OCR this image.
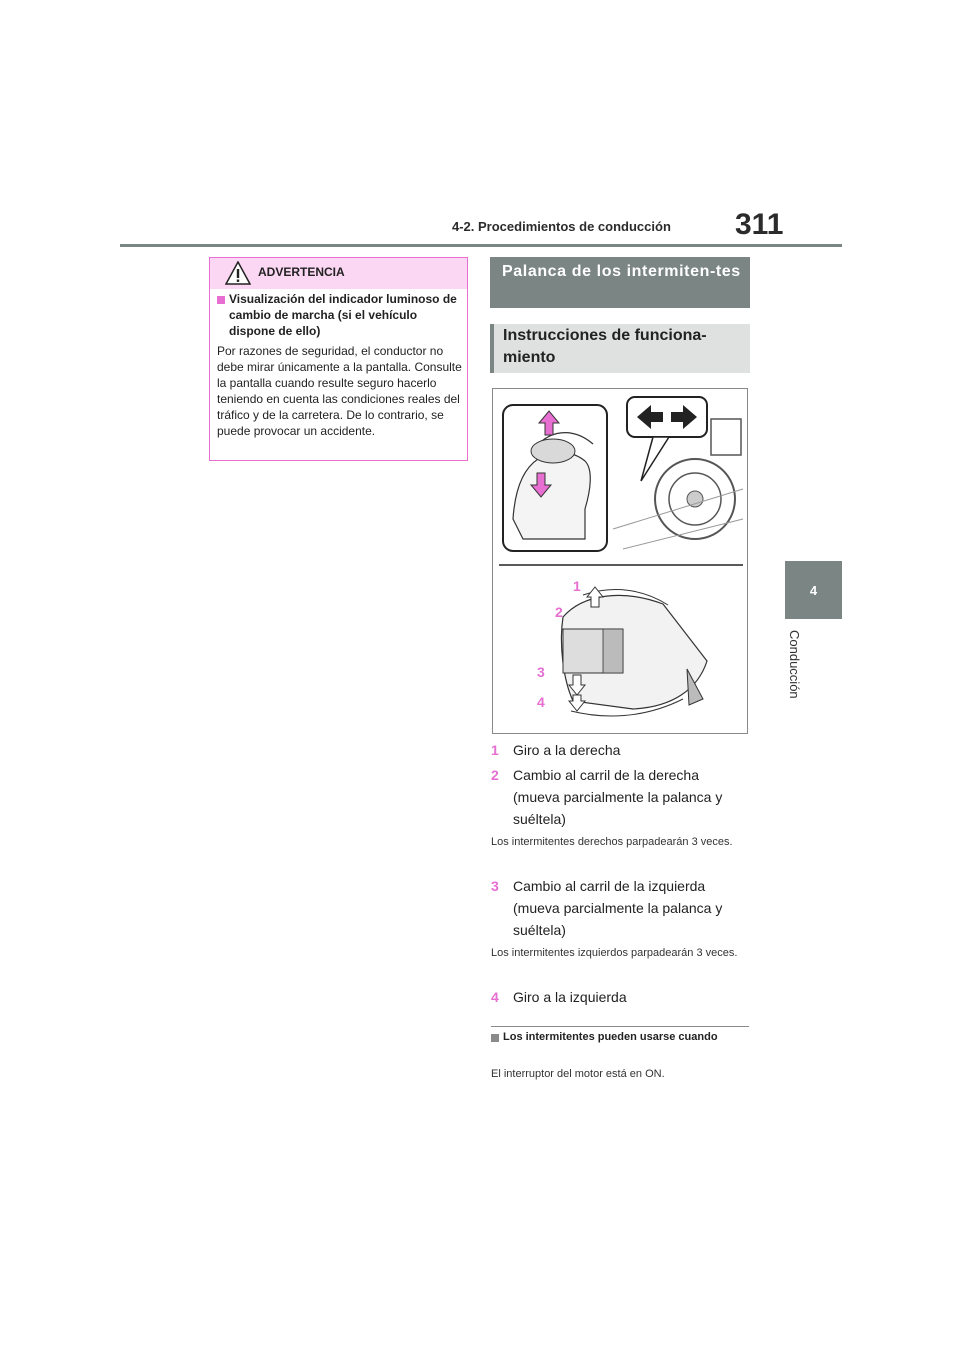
4-2. Procedimientos de conducción 311
4
Conducción
ADVERTENCIA
Visualización del indicador luminoso de cambio de marcha (si el vehículo dispone de ello)
Por razones de seguridad, el conductor no debe mirar únicamente a la pantalla. Consulte la pantalla cuando resulte seguro hacerlo teniendo en cuenta las condiciones reales del tráfico y de la carretera. De lo contrario, se puede provocar un accidente.
Palanca de los intermiten-tes
Instrucciones de funciona-miento
1
2
3
4
1 Giro a la derecha
2 Cambio al carril de la derecha (mueva parcialmente la palanca y suéltela)
Los intermitentes derechos parpadearán 3 veces.
3 Cambio al carril de la izquierda (mueva parcialmente la palanca y suéltela)
Los intermitentes izquierdos parpadearán 3 veces.
4 Giro a la izquierda
Los intermitentes pueden usarse cuando
El interruptor del motor está en ON.
